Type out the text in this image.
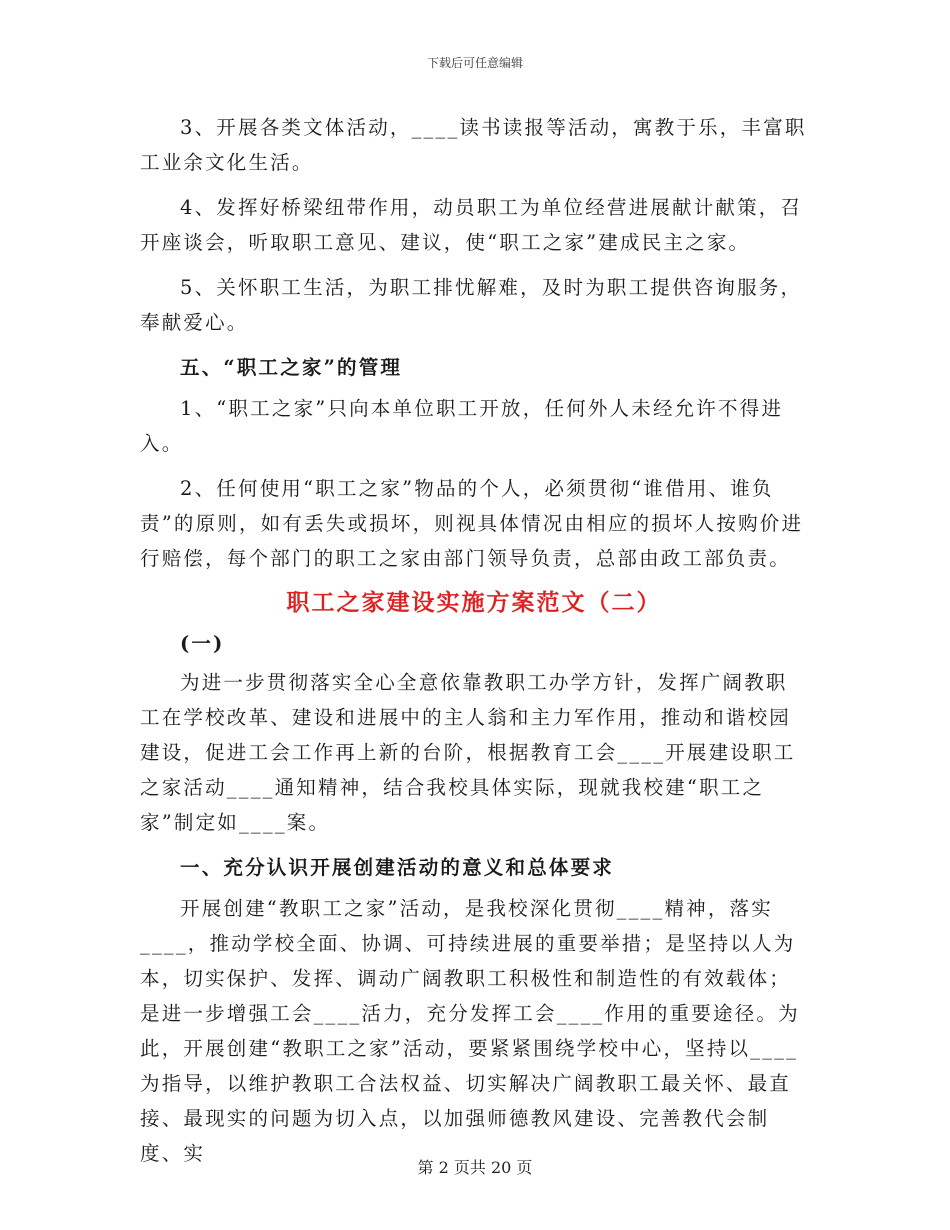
下载后可任意编辑

3、开展各类文体活动，____读书读报等活动，寓教于乐，丰富职工业余文化生活。

4、发挥好桥梁纽带作用，动员职工为单位经营进展献计献策，召开座谈会，听取职工意见、建议，使“职工之家”建成民主之家。

5、关怀职工生活，为职工排忧解难，及时为职工提供咨询服务，奉献爱心。

五、“职工之家”的管理

1、“职工之家”只向本单位职工开放，任何外人未经允许不得进入。

2、任何使用“职工之家”物品的个人，必须贯彻“谁借用、谁负责”的原则，如有丢失或损坏，则视具体情况由相应的损坏人按购价进行赔偿，每个部门的职工之家由部门领导负责，总部由政工部负责。

职工之家建设实施方案范文（二）

(一)

为进一步贯彻落实全心全意依靠教职工办学方针，发挥广阔教职工在学校改革、建设和进展中的主人翁和主力军作用，推动和谐校园建设，促进工会工作再上新的台阶，根据教育工会____开展建设职工之家活动____通知精神，结合我校具体实际，现就我校建“职工之家”制定如____案。

一、充分认识开展创建活动的意义和总体要求

开展创建“教职工之家”活动，是我校深化贯彻____精神，落实____，推动学校全面、协调、可持续进展的重要举措；是坚持以人为本，切实保护、发挥、调动广阔教职工积极性和制造性的有效载体；是进一步增强工会____活力，充分发挥工会____作用的重要途径。为此，开展创建“教职工之家”活动，要紧紧围绕学校中心，坚持以____为指导，以维护教职工合法权益、切实解决广阔教职工最关怀、最直接、最现实的问题为切入点，以加强师德教风建设、完善教代会制度、实

第 2 页共 20 页
